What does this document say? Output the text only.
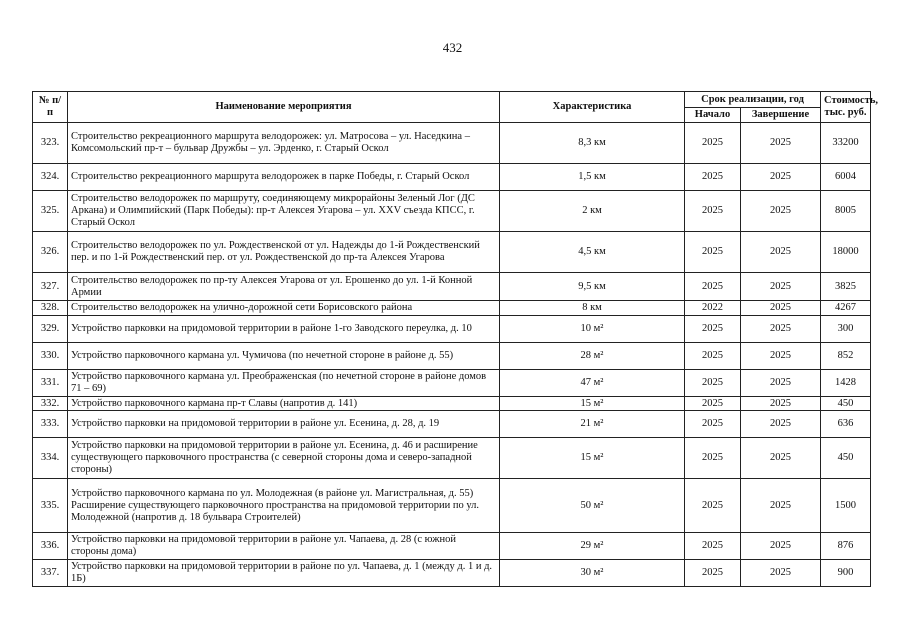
432
№ п/п	Наименование мероприятия	Характеристика	Срок реализации, год		Стоимость, тыс. руб.
			Начало	Завершение	
323.	Строительство рекреационного маршрута велодорожек: ул. Матросова – ул. Наседкина – Комсомольский пр-т – бульвар Дружбы – ул. Эрденко, г. Старый Оскол	8,3 км	2025	2025	33200
324.	Строительство рекреационного маршрута велодорожек в парке Победы, г. Старый Оскол	1,5 км	2025	2025	6004
325.	Строительство велодорожек по маршруту, соединяющему микрорайоны Зеленый Лог (ДС Аркана) и Олимпийский (Парк Победы): пр-т Алексея Угарова – ул. XXV съезда КПСС, г. Старый Оскол	2 км	2025	2025	8005
326.	Строительство велодорожек по ул. Рождественской от ул. Надежды до 1-й Рождественский пер. и по 1-й Рождественский пер. от ул. Рождественской до пр-та Алексея Угарова	4,5 км	2025	2025	18000
327.	Строительство велодорожек по пр-ту Алексея Угарова от ул. Ерошенко до ул. 1-й Конной Армии	9,5 км	2025	2025	3825
328.	Строительство велодорожек на улично-дорожной сети Борисовского района	8 км	2022	2025	4267
329.	Устройство парковки на придомовой территории в районе 1-го Заводского переулка, д. 10	10 м²	2025	2025	300
330.	Устройство парковочного кармана ул. Чумичова (по нечетной стороне в районе д. 55)	28 м²	2025	2025	852
331.	Устройство парковочного кармана ул. Преображенская (по нечетной стороне в районе домов 71 – 69)	47 м²	2025	2025	1428
332.	Устройство парковочного кармана пр-т Славы (напротив д. 141)	15 м²	2025	2025	450
333.	Устройство парковки на придомовой территории в районе ул. Есенина, д. 28, д. 19	21 м²	2025	2025	636
334.	Устройство парковки на придомовой территории в районе ул. Есенина, д. 46 и расширение существующего парковочного пространства (с северной стороны дома и северо-западной стороны)	15 м²	2025	2025	450
335.	Устройство парковочного кармана по ул. Молодежная (в районе ул. Магистральная, д. 55) Расширение существующего парковочного пространства на придомовой территории по ул. Молодежной (напротив д. 18 бульвара Строителей)	50 м²	2025	2025	1500
336.	Устройство парковки на придомовой территории в районе ул. Чапаева, д. 28 (с южной стороны дома)	29 м²	2025	2025	876
337.	Устройство парковки на придомовой территории в районе по ул. Чапаева, д. 1 (между д. 1 и д. 1Б)	30 м²	2025	2025	900
